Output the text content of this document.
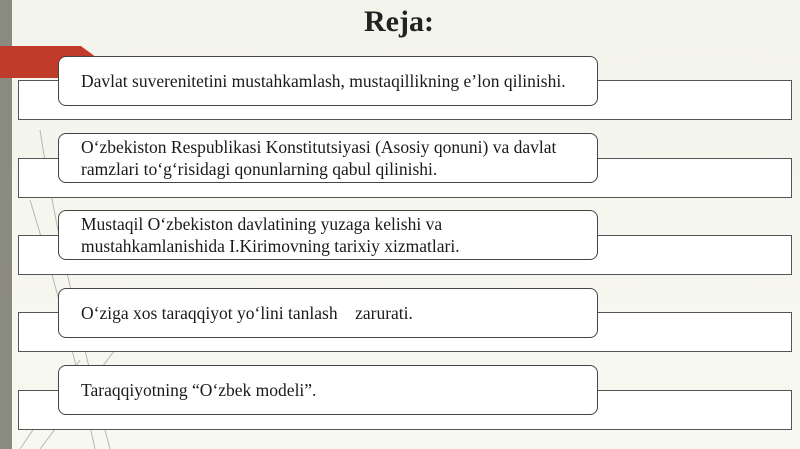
Reja:
Davlat suverenitetini mustahkamlash, mustaqillikning e’lon qilinishi.
O‘zbekiston Respublikasi Konstitutsiyasi (Asosiy qonuni) va davlat ramzlari to‘g‘risidagi qonunlarning qabul qilinishi.
Mustaqil O‘zbekiston davlatining yuzaga kelishi va mustahkamlanishida I.Kirimovning tarixiy xizmatlari.
O‘ziga xos taraqqiyot yo‘lini tanlash    zarurati.
Taraqqiyotning “O‘zbek modeli”.
